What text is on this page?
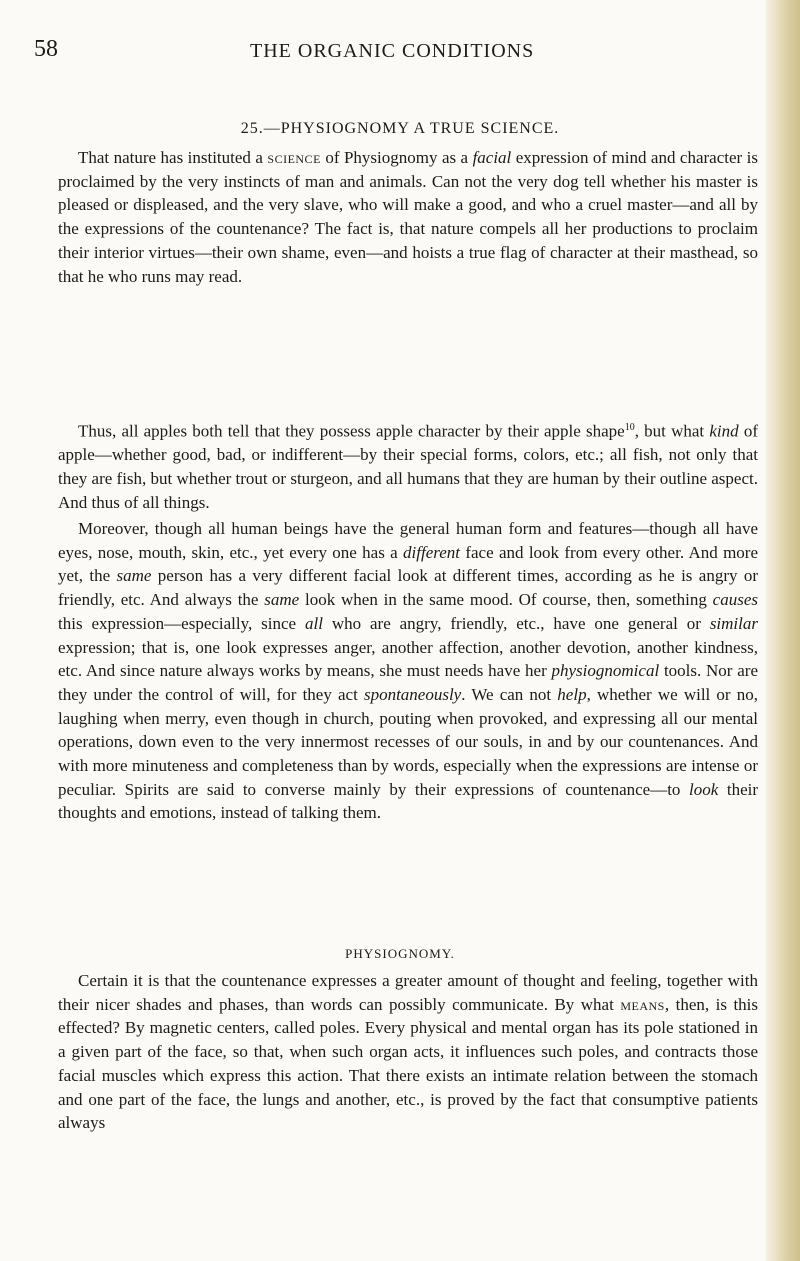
58	THE ORGANIC CONDITIONS
25.—PHYSIOGNOMY A TRUE SCIENCE.

That nature has instituted a science of Physiognomy as a facial expression of mind and character is proclaimed by the very instincts of man and animals. Can not the very dog tell whether his master is pleased or displeased, and the very slave, who will make a good, and who a cruel master—and all by the expressions of the countenance? The fact is, that nature compels all her productions to proclaim their interior virtues—their own shame, even—and hoists a true flag of character at their masthead, so that he who runs may read.

Thus, all apples both tell that they possess apple character by their apple shape$^{10}$, but what kind of apple—whether good, bad, or indifferent—by their special forms, colors, etc.; all fish, not only that they are fish, but whether trout or sturgeon, and all humans that they are human by their outline aspect. And thus of all things.

Moreover, though all human beings have the general human form and features—though all have eyes, nose, mouth, skin, etc., yet every one has a different face and look from every other. And more yet, the same person has a very different facial look at different times, according as he is angry or friendly, etc. And always the same look when in the same mood. Of course, then, something causes this expression—especially, since all who are angry, friendly, etc., have one general or similar expression; that is, one look expresses anger, another affection, another devotion, another kindness, etc. And since nature always works by means, she must needs have her physiognomical tools. Nor are they under the control of will, for they act spontaneously. We can not help, whether we will or no, laughing when merry, even though in church, pouting when provoked, and expressing all our mental operations, down even to the very innermost recesses of our souls, in and by our countenances. And with more minuteness and completeness than by words, especially when the expressions are intense or peculiar. Spirits are said to converse mainly by their expressions of countenance—to look their thoughts and emotions, instead of talking them.

PHYSIOGNOMY.

Certain it is that the countenance expresses a greater amount of thought and feeling, together with their nicer shades and phases, than words can possibly communicate. By what means, then, is this effected? By magnetic centers, called poles. Every physical and mental organ has its pole stationed in a given part of the face, so that, when such organ acts, it influences such poles, and contracts those facial muscles which express this action. That there exists an intimate relation between the stomach and one part of the face, the lungs and another, etc., is proved by the fact that consumptive patients always
